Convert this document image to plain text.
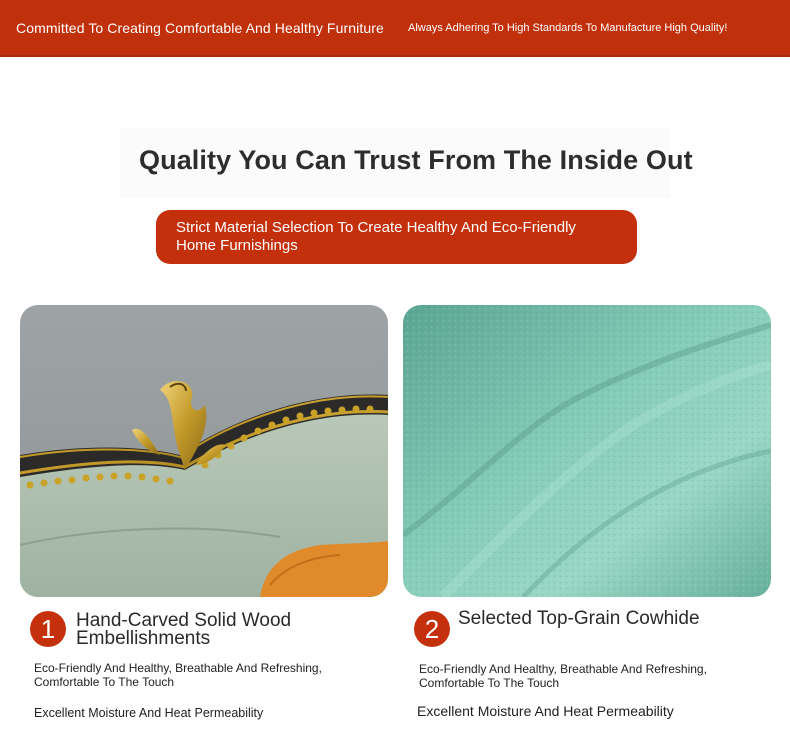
Committed To Creating Comfortable And Healthy Furniture Always Adhering To High Standards To Manufacture High Quality!
Quality You Can Trust From The Inside Out
Strict Material Selection To Create Healthy And Eco-Friendly Home Furnishings
1	Hand-Carved Solid Wood Embellishments
Eco-Friendly And Healthy, Breathable And Refreshing, Comfortable To The Touch
Excellent Moisture And Heat Permeability
2 Selected Top-Grain Cowhide
Eco-Friendly And Healthy, Breathable And Refreshing, Comfortable To The Touch
Excellent Moisture And Heat Permeability
